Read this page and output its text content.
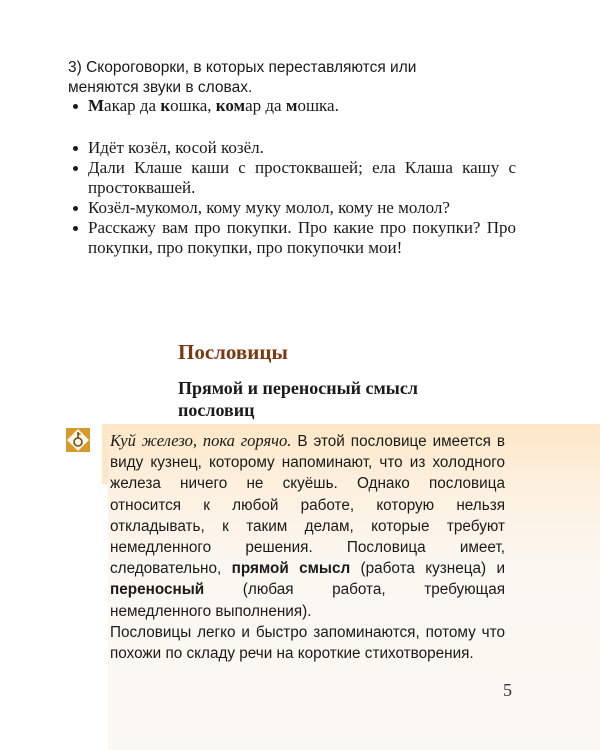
3) Скороговорки, в которых переставляются или
меняются звуки в словах.
Макар да кошка, комар да мошка.
Идёт козёл, косой козёл.
Дали Клаше каши с простоквашей; ела Клаша кашу с простоквашей.
Козёл-мукомол, кому муку молол, кому не молол?
Расскажу вам про покупки. Про какие про покупки? Про покупки, про покупки, про покупочки мои!
Пословицы
Прямой и переносный смысл пословиц

Куй железо, пока горячо. В этой пословице имеется в виду кузнец, которому напоминают, что из холодного железа ничего не скуёшь. Однако пословица относится к любой работе, которую нельзя откладывать, к таким делам, которые требуют немедленного решения. Пословица имеет, следовательно, прямой смысл (работа кузнеца) и переносный (любая работа, требующая немедленного выполнения).

Пословицы легко и быстро запоминаются, потому что похожи по складу речи на короткие стихотворения.

5
